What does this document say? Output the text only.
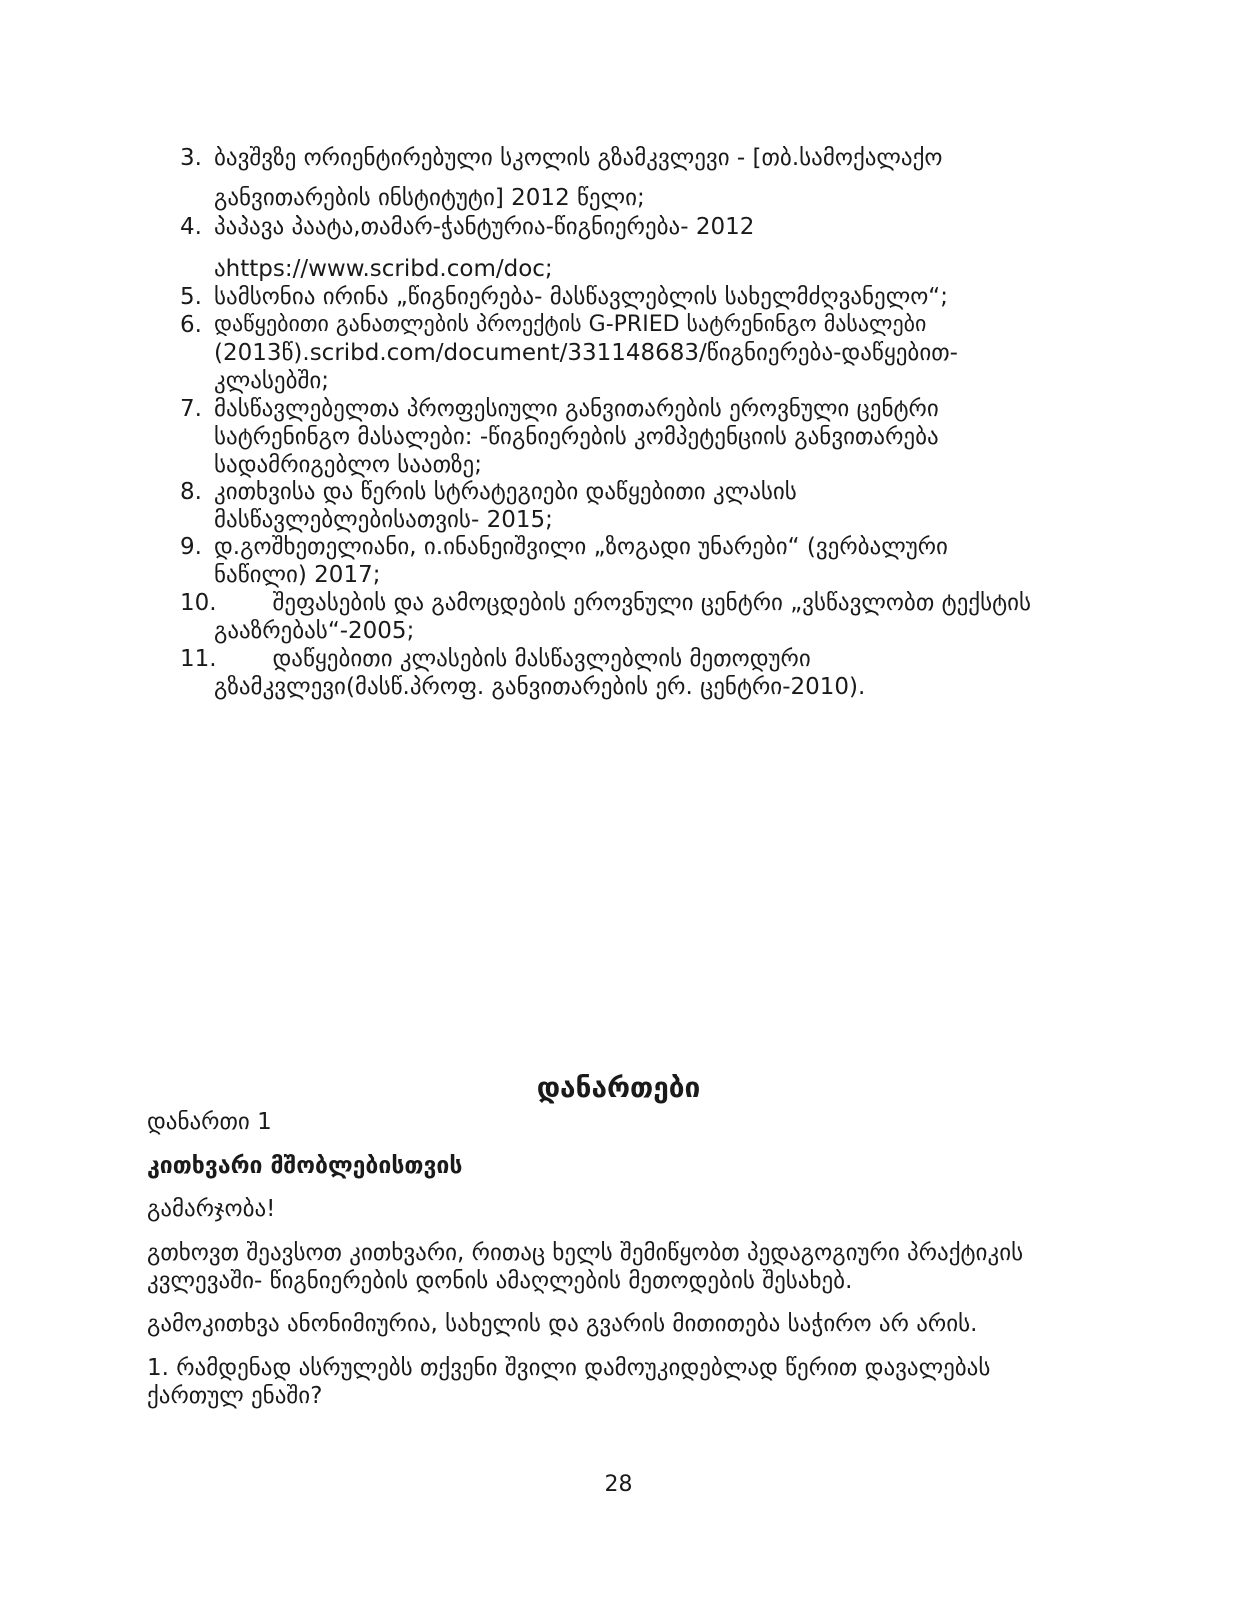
3. ბავშვზე ორიენტირებული სკოლის გზამკვლევი - [თბ.სამოქალაქო
განვითარების ინსტიტუტი] 2012 წელი;
4. პაპავა პაატა,თამარ-ჭანტურია-წიგნიერება- 2012
აhttps://www.scribd.com/doc;
5. სამსონია ირინა „წიგნიერება- მასწავლებლის სახელმძღვანელო“;
6. დაწყებითი განათლების პროექტის G-PRIED სატრენინგო მასალები
(2013წ).scribd.com/document/331148683/წიგნიერება-დაწყებით-
კლასებში;
7. მასწავლებელთა პროფესიული განვითარების ეროვნული ცენტრი
სატრენინგო მასალები: -წიგნიერების კომპეტენციის განვითარება
სადამრიგებლო საათზე;
8. კითხვისა და წერის სტრატეგიები დაწყებითი კლასის
მასწავლებლებისათვის- 2015;
9. დ.გოშხეთელიანი, ი.ინანეიშვილი „ზოგადი უნარები“ (ვერბალური
ნაწილი) 2017;
10.
შეფასების და გამოცდების ეროვნული ცენტრი „ვსწავლობთ ტექსტის
გააზრებას“-2005;
11.
დაწყებითი კლასების მასწავლებლის მეთოდური
გზამკვლევი(მასწ.პროფ. განვითარების ერ. ცენტრი-2010).
დანართები
დანართი 1
კითხვარი მშობლებისთვის
გამარჯობა!
გთხოვთ შეავსოთ კითხვარი, რითაც ხელს შემიწყობთ პედაგოგიური პრაქტიკის
კვლევაში- წიგნიერების დონის ამაღლების მეთოდების შესახებ.
გამოკითხვა ანონიმიურია, სახელის და გვარის მითითება საჭირო არ არის.
1. რამდენად ასრულებს თქვენი შვილი დამოუკიდებლად წერით დავალებას
ქართულ ენაში?
28
